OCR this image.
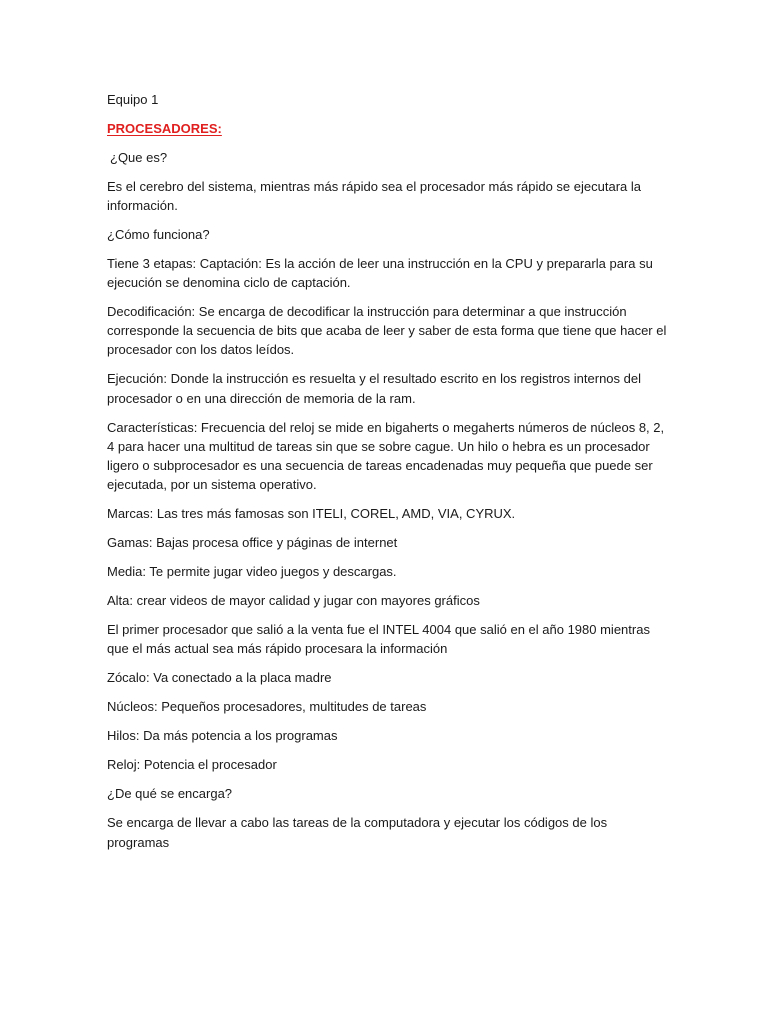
Equipo 1

PROCESADORES:

¿Que es?

Es el cerebro del sistema, mientras más rápido sea el procesador más rápido se ejecutara la información.

¿Cómo funciona?

Tiene 3 etapas: Captación: Es la acción de leer una instrucción en la CPU y prepararla para su ejecución se denomina ciclo de captación.

Decodificación: Se encarga de decodificar la instrucción para determinar a que instrucción corresponde la secuencia de bits que acaba de leer y saber de esta forma que tiene que hacer el procesador con los datos leídos.

Ejecución: Donde la instrucción es resuelta y el resultado escrito en los registros internos del procesador o en una dirección de memoria de la ram.

Características: Frecuencia del reloj se mide en bigaherts o megaherts números de núcleos 8, 2, 4 para hacer una multitud de tareas sin que se sobre cague. Un hilo o hebra es un procesador ligero o subprocesador es una secuencia de tareas encadenadas muy pequeña que puede ser ejecutada, por un sistema operativo.

Marcas: Las tres más famosas son ITELI, COREL, AMD, VIA, CYRUX.

Gamas: Bajas procesa office y páginas de internet

Media: Te permite jugar video juegos y descargas.

Alta: crear videos de mayor calidad y jugar con mayores gráficos

El primer procesador que salió a la venta fue el INTEL 4004 que salió en el año 1980 mientras que el más actual sea más rápido procesara la información

Zócalo: Va conectado a la placa madre

Núcleos: Pequeños procesadores, multitudes de tareas

Hilos: Da más potencia a los programas

Reloj: Potencia el procesador

¿De qué se encarga?

Se encarga de llevar a cabo las tareas de la computadora y ejecutar los códigos de los programas
